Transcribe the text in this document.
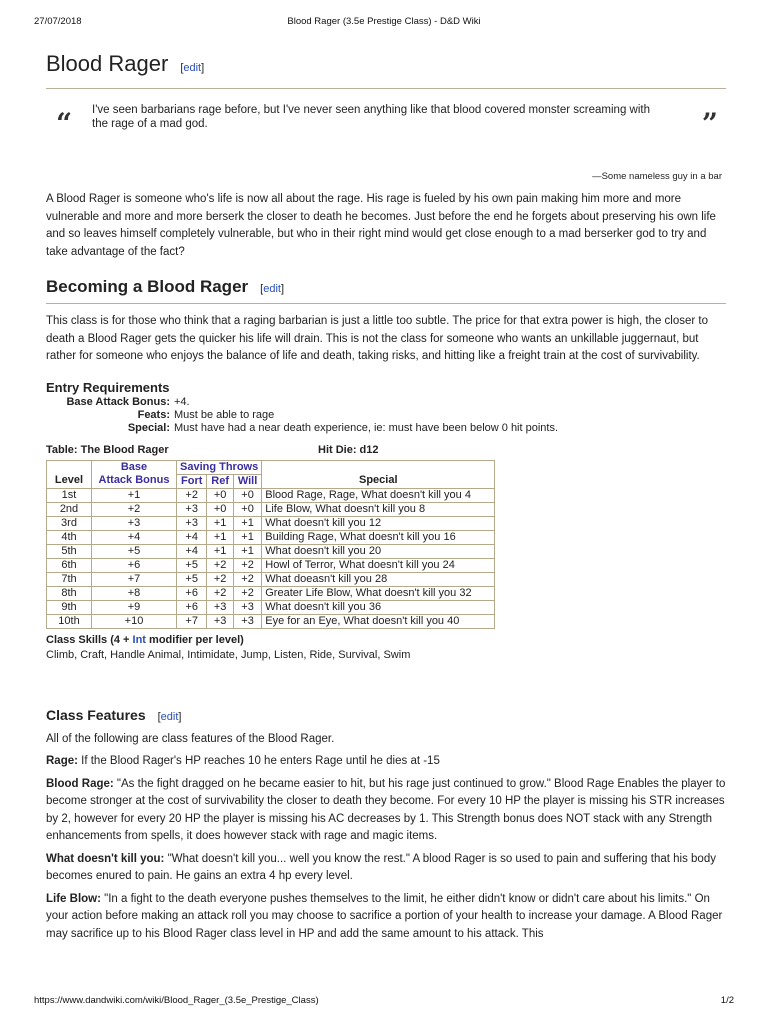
27/07/2018	Blood Rager (3.5e Prestige Class) - D&D Wiki
Blood Rager [edit]
“ I've seen barbarians rage before, but I've never seen anything like that blood covered monster screaming with the rage of a mad god.	”
—Some nameless guy in a bar

A Blood Rager is someone who's life is now all about the rage. His rage is fueled by his own pain making him more and more vulnerable and more and more berserk the closer to death he becomes. Just before the end he forgets about preserving his own life and so leaves himself completely vulnerable, but who in their right mind would get close enough to a mad berserker god to try and take advantage of the fact?

Becoming a Blood Rager [edit]

This class is for those who think that a raging barbarian is just a little too subtle. The price for that extra power is high, the closer to death a Blood Rager gets the quicker his life will drain. This is not the class for someone who wants an unkillable juggernaut, but rather for someone who enjoys the balance of life and death, taking risks, and hitting like a freight train at the cost of survivability.

Entry Requirements
Base Attack Bonus: +4.
Feats: Must be able to rage
Special: Must have had a near death experience, ie: must have been below 0 hit points.
Table: The Blood Rager	Hit Die: d12
	Base	Saving Throws			
Level	Attack Bonus	Fort	Ref	Will	Special
1st	+1	+2	+0	+0	Blood Rage, Rage, What doesn't kill you 4
2nd	+2	+3	+0	+0	Life Blow, What doesn't kill you 8
3rd	+3	+3	+1	+1	What doesn't kill you 12
4th	+4	+4	+1	+1	Building Rage, What doesn't kill you 16
5th	+5	+4	+1	+1	What doesn't kill you 20
6th	+6	+5	+2	+2	Howl of Terror, What doesn't kill you 24
7th	+7	+5	+2	+2	What doeasn't kill you 28
8th	+8	+6	+2	+2	Greater Life Blow, What doesn't kill you 32
9th	+9	+6	+3	+3	What doesn't kill you 36
10th	+10	+7	+3	+3	Eye for an Eye, What doesn't kill you 40
Class Skills (4 + Int modifier per level)
Climb, Craft, Handle Animal, Intimidate, Jump, Listen, Ride, Survival, Swim
Class Features [edit]

All of the following are class features of the Blood Rager.

Rage: If the Blood Rager's HP reaches 10 he enters Rage until he dies at -15

Blood Rage: "As the fight dragged on he became easier to hit, but his rage just continued to grow." Blood Rage Enables the player to become stronger at the cost of survivability the closer to death they become. For every 10 HP the player is missing his STR increases by 2, however for every 20 HP the player is missing his AC decreases by 1. This Strength bonus does NOT stack with any Strength enhancements from spells, it does however stack with rage and magic items.

What doesn't kill you: "What doesn't kill you... well you know the rest." A blood Rager is so used to pain and suffering that his body becomes enured to pain. He gains an extra 4 hp every level.

Life Blow: "In a fight to the death everyone pushes themselves to the limit, he either didn't know or didn't care about his limits." On your action before making an attack roll you may choose to sacrifice a portion of your health to increase your damage. A Blood Rager may sacrifice up to his Blood Rager class level in HP and add the same amount to his attack. This

https://www.dandwiki.com/wiki/Blood_Rager_(3.5e_Prestige_Class)	1/2
